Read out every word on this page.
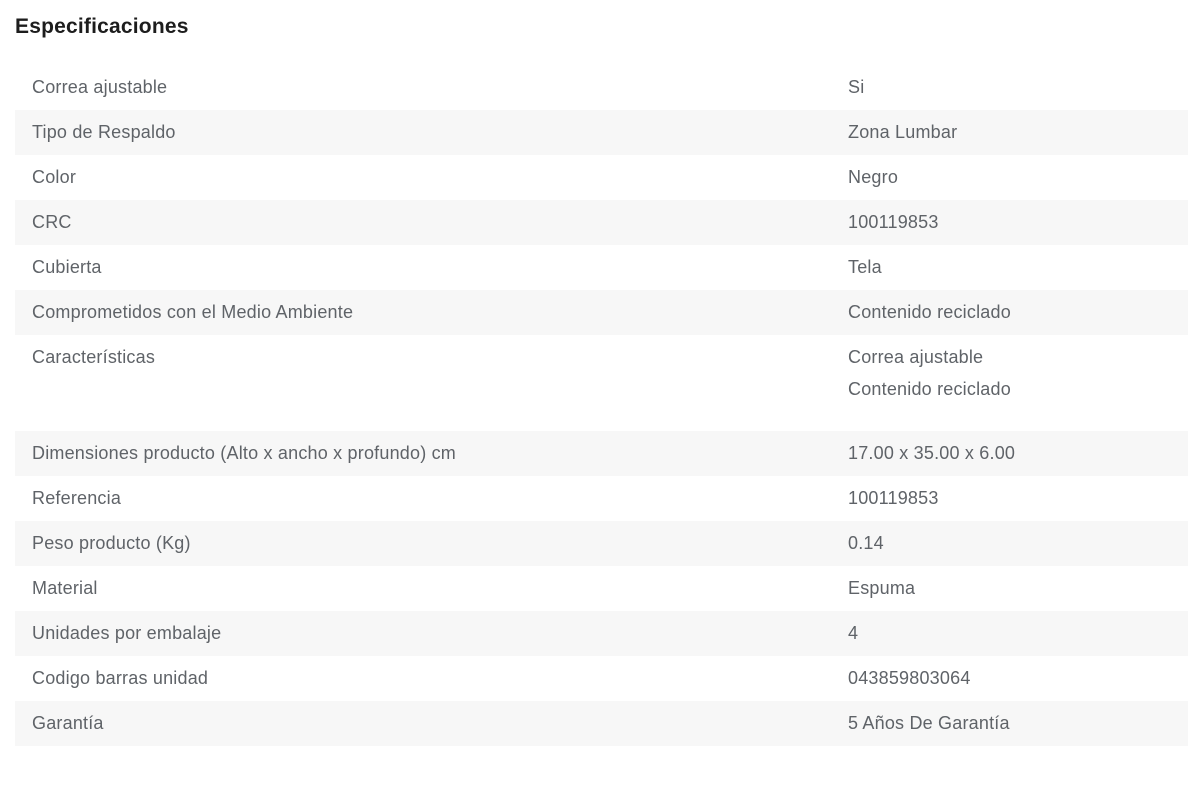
Especificaciones
Correa ajustable	Si
Tipo de Respaldo	Zona Lumbar
Color	Negro
CRC	100119853
Cubierta	Tela
Comprometidos con el Medio Ambiente	Contenido reciclado
Características	Correa ajustable
Contenido reciclado
Dimensiones producto (Alto x ancho x profundo) cm	17.00 x 35.00 x 6.00
Referencia	100119853
Peso producto (Kg)	0.14
Material	Espuma
Unidades por embalaje	4
Codigo barras unidad	043859803064
Garantía	5 Años De Garantía
